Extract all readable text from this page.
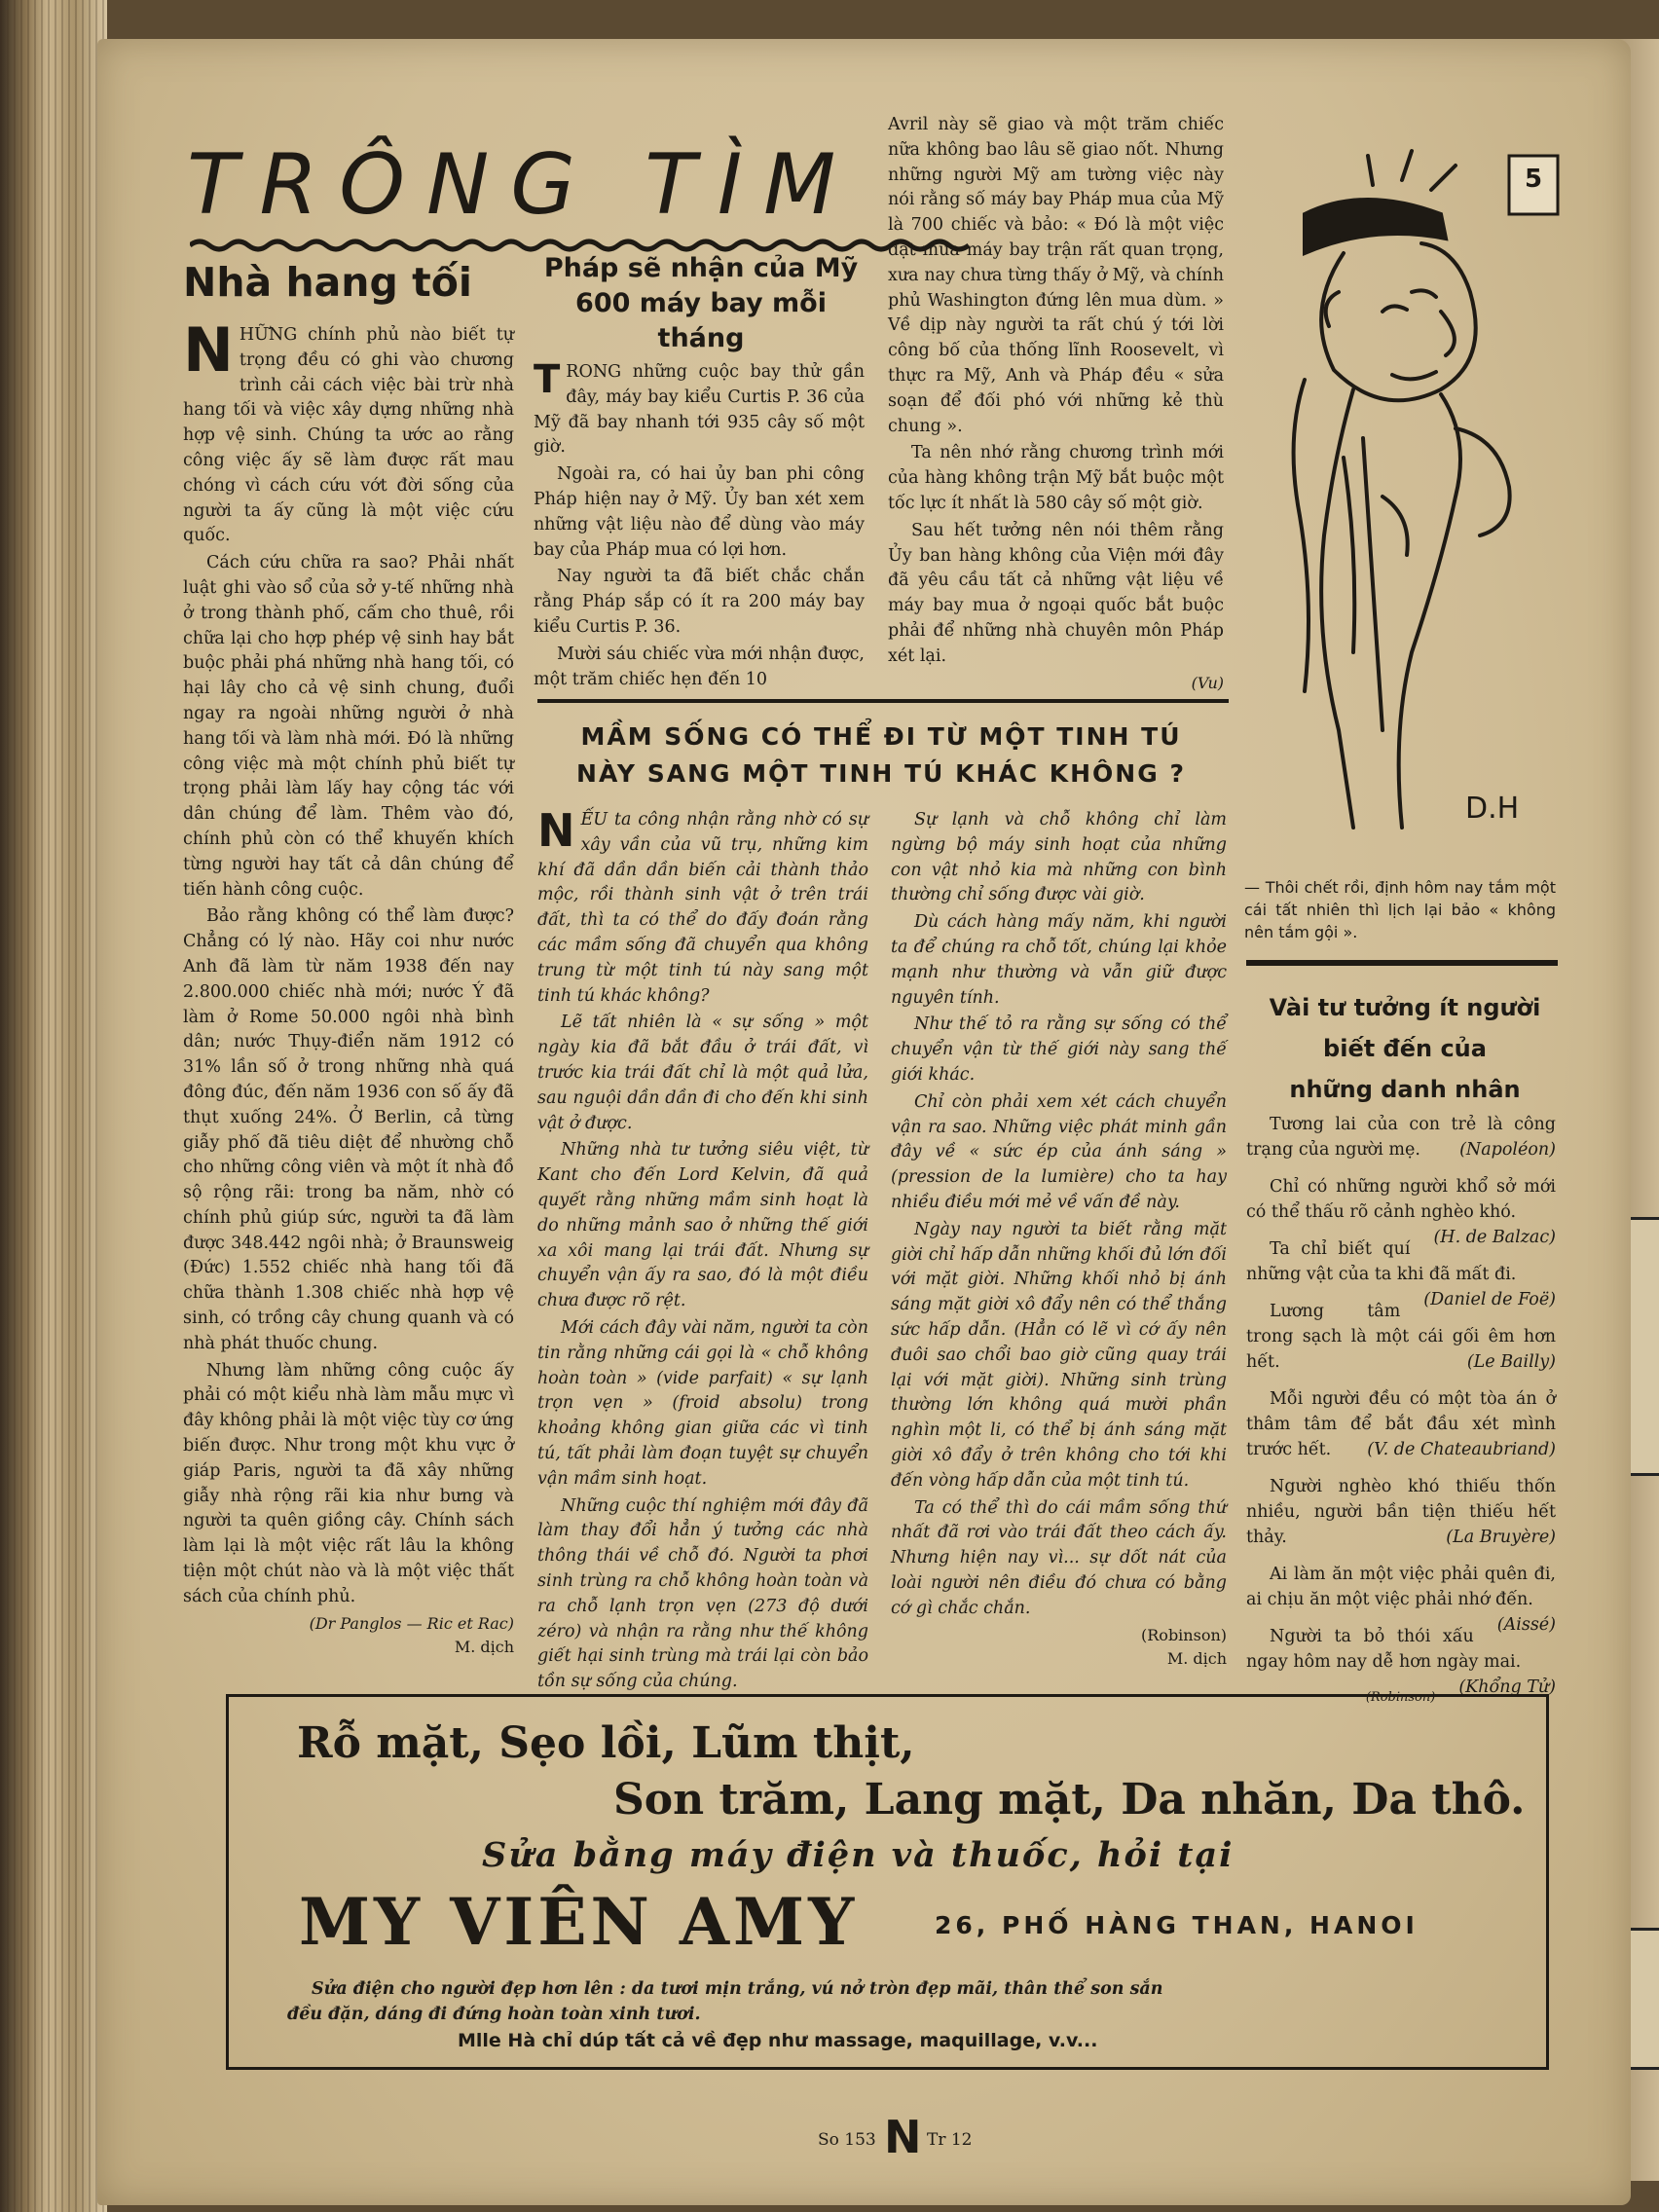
TRÔNG TÌM
Nhà hang tối

NHỮNG chính phủ nào biết tự trọng đều có ghi vào chương trình cải cách việc bài trừ nhà hang tối và việc xây dựng những nhà hợp vệ sinh. Chúng ta ước ao rằng công việc ấy sẽ làm được rất mau chóng vì cách cứu vớt đời sống của người ta ấy cũng là một việc cứu quốc.

Cách cứu chữa ra sao? Phải nhất luật ghi vào sổ của sở y-tế những nhà ở trong thành phố, cấm cho thuê, rồi chữa lại cho hợp phép vệ sinh hay bắt buộc phải phá những nhà hang tối, có hại lây cho cả vệ sinh chung, đuổi ngay ra ngoài những người ở nhà hang tối và làm nhà mới. Đó là những công việc mà một chính phủ biết tự trọng phải làm lấy hay cộng tác với dân chúng để làm. Thêm vào đó, chính phủ còn có thể khuyến khích từng người hay tất cả dân chúng để tiến hành công cuộc.

Bảo rằng không có thể làm được? Chẳng có lý nào. Hãy coi như nước Anh đã làm từ năm 1938 đến nay 2.800.000 chiếc nhà mới; nước Ý đã làm ở Rome 50.000 ngôi nhà bình dân; nước Thụy-điển năm 1912 có 31% lần số ở trong những nhà quá đông đúc, đến năm 1936 con số ấy đã thụt xuống 24%. Ở Berlin, cả từng giẫy phố đã tiêu diệt để nhường chỗ cho những công viên và một ít nhà đồ sộ rộng rãi: trong ba năm, nhờ có chính phủ giúp sức, người ta đã làm được 348.442 ngôi nhà; ở Braunsweig (Đức) 1.552 chiếc nhà hang tối đã chữa thành 1.308 chiếc nhà hợp vệ sinh, có trồng cây chung quanh và có nhà phát thuốc chung.

Nhưng làm những công cuộc ấy phải có một kiểu nhà làm mẫu mực vì đây không phải là một việc tùy cơ ứng biến được. Như trong một khu vực ở giáp Paris, người ta đã xây những giẫy nhà rộng rãi kia như bưng và người ta quên giồng cây. Chính sách làm lại là một việc rất lâu la không tiện một chút nào và là một việc thất sách của chính phủ.

(Dr Panglos — Ric et Rac)
M. dịch
Pháp sẽ nhận của Mỹ 600 máy bay mỗi tháng

TRONG những cuộc bay thử gần đây, máy bay kiểu Curtis P. 36 của Mỹ đã bay nhanh tới 935 cây số một giờ.

Ngoài ra, có hai ủy ban phi công Pháp hiện nay ở Mỹ. Ủy ban xét xem những vật liệu nào để dùng vào máy bay của Pháp mua có lợi hơn.

Nay người ta đã biết chắc chắn rằng Pháp sắp có ít ra 200 máy bay kiểu Curtis P. 36.

Mười sáu chiếc vừa mới nhận được, một trăm chiếc hẹn đến 10

Avril này sẽ giao và một trăm chiếc nữa không bao lâu sẽ giao nốt. Nhưng những người Mỹ am tường việc này nói rằng số máy bay Pháp mua của Mỹ là 700 chiếc và bảo: « Đó là một việc đặt mua máy bay trận rất quan trọng, xưa nay chưa từng thấy ở Mỹ, và chính phủ Washington đứng lên mua dùm. » Về dịp này người ta rất chú ý tới lời công bố của thống lĩnh Roosevelt, vì thực ra Mỹ, Anh và Pháp đều « sửa soạn để đối phó với những kẻ thù chung ».

Ta nên nhớ rằng chương trình mới của hàng không trận Mỹ bắt buộc một tốc lực ít nhất là 580 cây số một giờ.

Sau hết tưởng nên nói thêm rằng Ủy ban hàng không của Viện mới đây đã yêu cầu tất cả những vật liệu về máy bay mua ở ngoại quốc bắt buộc phải để những nhà chuyên môn Pháp xét lại.

(Vu)
5
D.H
— Thôi chết rồi, định hôm nay tắm một cái tất nhiên thì lịch lại bảo « không nên tắm gội ».
Vài tư tưởng ít người
biết đến của
những danh nhân

Tương lai của con trẻ là công trạng của người mẹ.	(Napoléon)

Chỉ có những người khổ sở mới có thể thấu rõ cảnh nghèo khó.
(H. de Balzac)

Ta chỉ biết quí những vật của ta khi đã mất đi.
(Daniel de Foë)

Lương tâm trong sạch là một cái gối êm hơn hết.	(Le Bailly)

Mỗi người đều có một tòa án ở thâm tâm để bắt đầu xét mình trước hết.	(V. de Chateaubriand)

Người nghèo khó thiếu thốn nhiều, người bần tiện thiếu hết thảy.	(La Bruyère)

Ai làm ăn một việc phải quên đi, ai chịu ăn một việc phải nhớ đến.
(Aissé)

Người ta bỏ thói xấu ngay hôm nay dễ hơn ngày mai.
(Khổng Tử)

(Robinson)
MẦM SỐNG CÓ THỂ ĐI TỪ MỘT TINH TÚ
NÀY SANG MỘT TINH TÚ KHÁC KHÔNG ?

NẾU ta công nhận rằng nhờ có sự xây vần của vũ trụ, những kim khí đã dần dần biến cải thành thảo mộc, rồi thành sinh vật ở trên trái đất, thì ta có thể do đấy đoán rằng các mầm sống đã chuyển qua không trung từ một tinh tú này sang một tinh tú khác không?

Lẽ tất nhiên là « sự sống » một ngày kia đã bắt đầu ở trái đất, vì trước kia trái đất chỉ là một quả lửa, sau nguội dần dần đi cho đến khi sinh vật ở được.

Những nhà tư tưởng siêu việt, từ Kant cho đến Lord Kelvin, đã quả quyết rằng những mầm sinh hoạt là do những mảnh sao ở những thế giới xa xôi mang lại trái đất. Nhưng sự chuyển vận ấy ra sao, đó là một điều chưa được rõ rệt.

Mới cách đây vài năm, người ta còn tin rằng những cái gọi là « chỗ không hoàn toàn » (vide parfait) « sự lạnh trọn vẹn » (froid absolu) trong khoảng không gian giữa các vì tinh tú, tất phải làm đoạn tuyệt sự chuyển vận mầm sinh hoạt.

Những cuộc thí nghiệm mới đây đã làm thay đổi hẳn ý tưởng các nhà thông thái về chỗ đó. Người ta phơi sinh trùng ra chỗ không hoàn toàn và ra chỗ lạnh trọn vẹn (273 độ dưới zéro) và nhận ra rằng như thế không giết hại sinh trùng mà trái lại còn bảo tồn sự sống của chúng.

Sự lạnh và chỗ không chỉ làm ngừng bộ máy sinh hoạt của những con vật nhỏ kia mà những con bình thường chỉ sống được vài giờ.

Dù cách hàng mấy năm, khi người ta để chúng ra chỗ tốt, chúng lại khỏe mạnh như thường và vẫn giữ được nguyên tính.

Như thế tỏ ra rằng sự sống có thể chuyển vận từ thế giới này sang thế giới khác.

Chỉ còn phải xem xét cách chuyển vận ra sao. Những việc phát minh gần đây về « sức ép của ánh sáng » (pression de la lumière) cho ta hay nhiều điều mới mẻ về vấn đề này.

Ngày nay người ta biết rằng mặt giời chỉ hấp dẫn những khối đủ lớn đối với mặt giời. Những khối nhỏ bị ánh sáng mặt giời xô đẩy nên có thể thắng sức hấp dẫn. (Hẳn có lẽ vì cớ ấy nên đuôi sao chổi bao giờ cũng quay trái lại với mặt giời). Những sinh trùng thường lớn không quá mười phần nghìn một li, có thể bị ánh sáng mặt giời xô đẩy ở trên không cho tới khi đến vòng hấp dẫn của một tinh tú.

Ta có thể thì do cái mầm sống thứ nhất đã rơi vào trái đất theo cách ấy. Nhưng hiện nay vì... sự dốt nát của loài người nên điều đó chưa có bằng cớ gì chắc chắn.

(Robinson)
M. dịch
Rỗ mặt, Sẹo lồi, Lũm thịt,
Son trăm, Lang mặt, Da nhăn, Da thô.
Sửa bằng máy điện và thuốc, hỏi tại
MY VIÊN AMY	26, PHỐ HÀNG THAN, HANOI
Sửa điện cho người đẹp hơn lên : da tươi mịn trắng, vú nở tròn đẹp mãi, thân thể son sắn
đều đặn, dáng đi đứng hoàn toàn xinh tươi.
Mlle Hà chỉ dúp tất cả về đẹp như massage, maquillage, v.v...
So 153 N Tr 12
